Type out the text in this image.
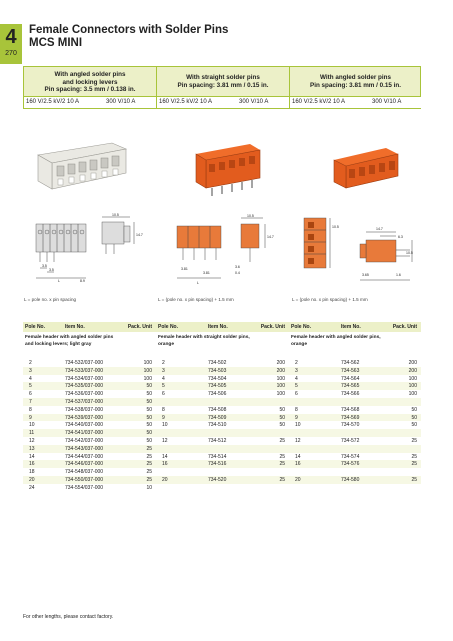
4
270
Female Connectors with Solder Pins
MCS MINI
With angled solder pins
and locking levers
Pin spacing: 3.5 mm / 0.138 in.
160 V/2.5 kV/2 10 A	300 V/10 A
With straight solder pins
Pin spacing: 3.81 mm / 0.15 in.
160 V/2.5 kV/2 10 A	300 V/10 A
With angled solder pins
Pin spacing: 3.81 mm / 0.15 in.
160 V/2.5 kV/2 10 A	300 V/10 A
3.5
3.5
L	8.9
10.5
14.7
3.81
3.81
L
10.5
14.7
3.6
0.4
10.5	14.7
6.3
10.5
3.65	1.6
L = pole no. x pin spacing	L = (pole no. x pin spacing) + 1.5 mm	L = (pole no. x pin spacing) + 1.5 mm
Pole No.	Item No.	Pack. Unit
Female header with angled solder pins
and locking levers; light gray
2	734-532/037-000	100
3	734-533/037-000	100
4	734-534/037-000	100
5	734-535/037-000	50
6	734-536/037-000	50
7	734-537/037-000	50
8	734-538/037-000	50
9	734-539/037-000	50
10	734-540/037-000	50
11	734-541/037-000	50
12	734-542/037-000	50
13	734-543/037-000	25
14	734-544/037-000	25
16	734-546/037-000	25
18	734-548/037-000	25
20	734-550/037-000	25
24	734-554/037-000	10
Pole No.	Item No.	Pack. Unit
Female header with straight solder pins,
orange
2	734-502	200
3	734-503	200
4	734-504	100
5	734-505	100
6	734-506	100
8	734-508	50
9	734-509	50
10	734-510	50
12	734-512	25
14	734-514	25
16	734-516	25
20	734-520	25
Pole No.	Item No.	Pack. Unit
Female header with angled solder pins,
orange
2	734-562	200
3	734-563	200
4	734-564	100
5	734-565	100
6	734-566	100
8	734-568	50
9	734-569	50
10	734-570	50
12	734-572	25
14	734-574	25
16	734-576	25
20	734-580	25
For other lengths, please contact factory.
